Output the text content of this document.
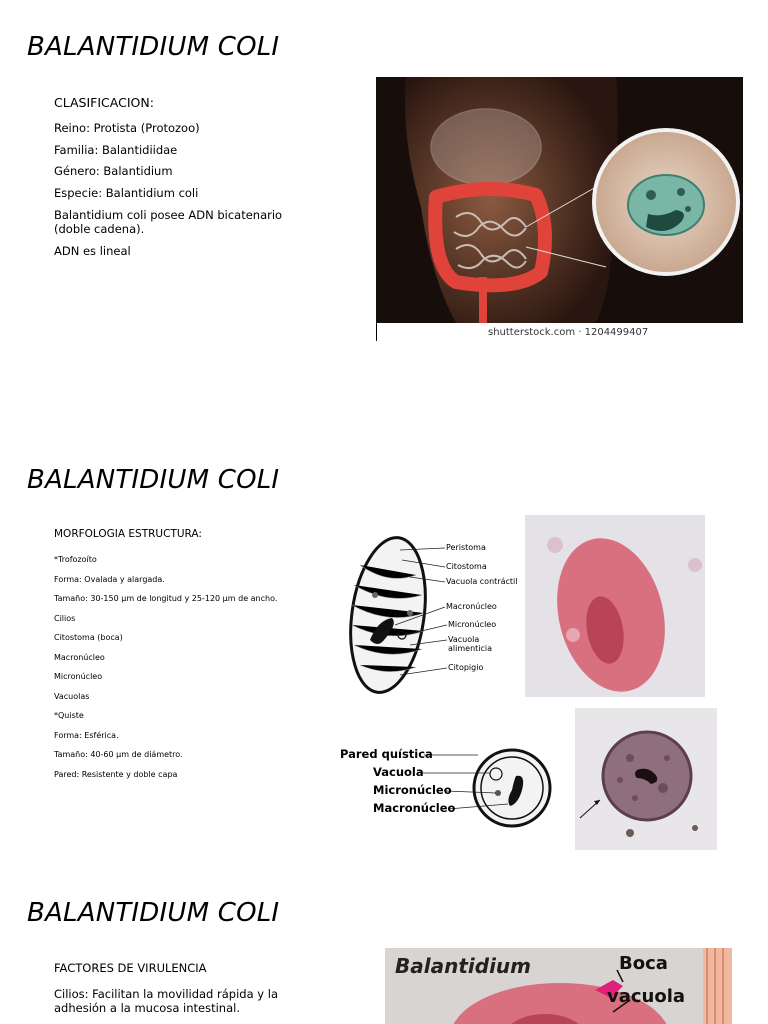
BALANTIDIUM COLI
CLASIFICACION:
Reino: Protista (Protozoo)
Familia: Balantidiidae
Género: Balantidium
Especie: Balantidium coli
Balantidium coli posee ADN bicatenario (doble cadena).
ADN es lineal
shutterstock.com · 1204499407
BALANTIDIUM COLI
MORFOLOGIA ESTRUCTURA:
*Trofozoíto
Forma: Ovalada y alargada.
Tamaño: 30-150 µm de longitud y 25-120 µm de ancho.
Cilios
Citostoma (boca)
Macronúcleo
Micronúcleo
Vacuolas
*Quiste
Forma: Esférica.
Tamaño: 40-60 µm de diámetro.
Pared: Resistente y doble capa
Peristoma
Citostoma
Vacuola contráctil
Macronúcleo
Micronúcleo
Vacuola alimenticia
Citopigio
Pared quística
Vacuola
Micronúcleo
Macronúcleo
BALANTIDIUM COLI
FACTORES DE VIRULENCIA
Cilios: Facilitan la movilidad rápida y la adhesión a la mucosa intestinal.
Balantidium	Boca
vacuola
